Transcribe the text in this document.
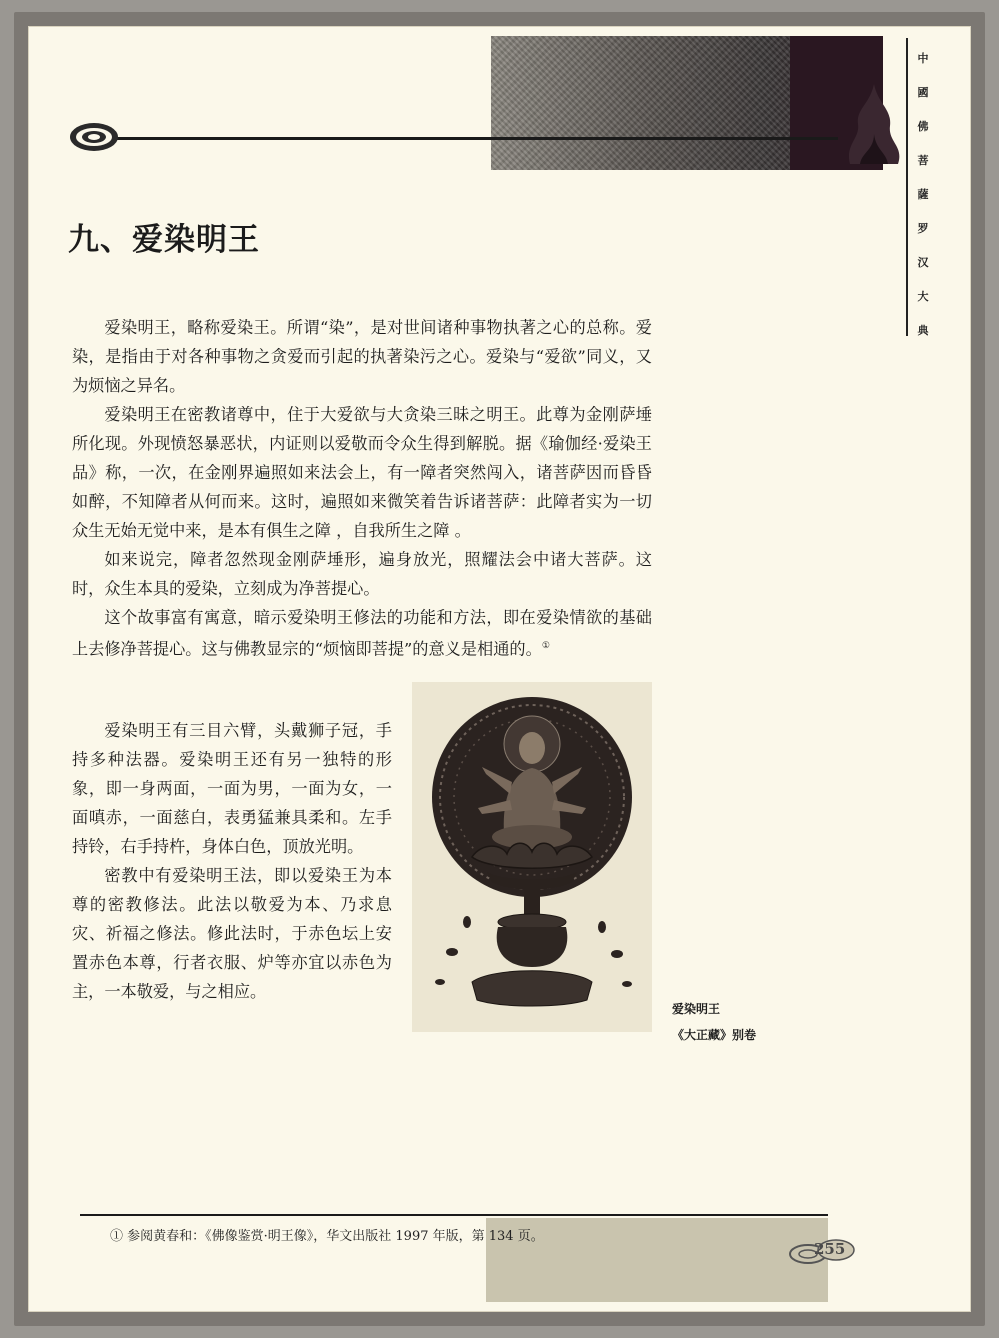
中
國
佛
菩
薩
罗
汉
大
典
九、爱染明王

爱染明王，略称爱染王。所谓“染”，是对世间诸种事物执著之心的总称。爱染，是指由于对各种事物之贪爱而引起的执著染污之心。爱染与“爱欲”同义，又为烦恼之异名。

爱染明王在密教诸尊中，住于大爱欲与大贪染三昧之明王。此尊为金刚萨埵所化现。外现愤怒暴恶状，内证则以爱敬而令众生得到解脱。据《瑜伽经·爱染王品》称，一次，在金刚界遍照如来法会上，有一障者突然闯入，诸菩萨因而昏昏如醉，不知障者从何而来。这时，遍照如来微笑着告诉诸菩萨：此障者实为一切众生无始无觉中来，是本有俱生之障 ，自我所生之障 。

如来说完，障者忽然现金刚萨埵形，遍身放光，照耀法会中诸大菩萨。这时，众生本具的爱染，立刻成为净菩提心。

这个故事富有寓意，暗示爱染明王修法的功能和方法，即在爱染情欲的基础上去修净菩提心。这与佛教显宗的“烦恼即菩提”的意义是相通的。①

爱染明王有三目六臂，头戴狮子冠，手持多种法器。爱染明王还有另一独特的形象，即一身两面，一面为男，一面为女，一面嗔赤，一面慈白，表勇猛兼具柔和。左手持铃，右手持杵，身体白色，顶放光明。

密教中有爱染明王法，即以爱染王为本尊的密教修法。此法以敬爱为本、乃求息灾、祈福之修法。修此法时，于赤色坛上安置赤色本尊，行者衣服、炉等亦宜以赤色为主，一本敬爱，与之相应。

爱染明王
《大正藏》别卷
① 参阅黄春和：《佛像鉴赏·明王像》，华文出版社 1997 年版，第 134 页。
255
